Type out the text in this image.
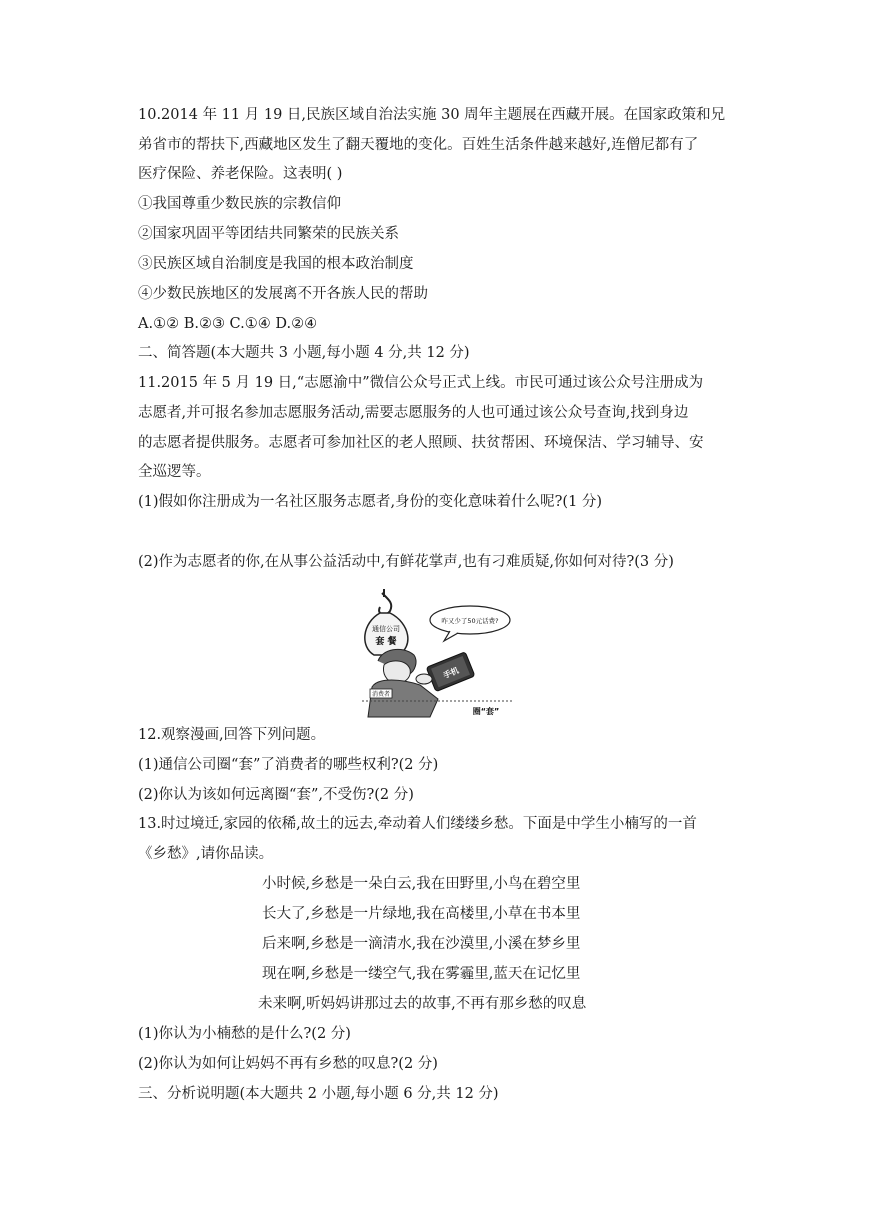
10.2014 年 11 月 19 日,民族区域自治法实施 30 周年主题展在西藏开展。在国家政策和兄
弟省市的帮扶下,西藏地区发生了翻天覆地的变化。百姓生活条件越来越好,连僧尼都有了
医疗保险、养老保险。这表明( )
①我国尊重少数民族的宗教信仰
②国家巩固平等团结共同繁荣的民族关系
③民族区域自治制度是我国的根本政治制度
④少数民族地区的发展离不开各族人民的帮助
A.①② B.②③ C.①④ D.②④
二、简答题(本大题共 3 小题,每小题 4 分,共 12 分)
11.2015 年 5 月 19 日,“志愿渝中”微信公众号正式上线。市民可通过该公众号注册成为
志愿者,并可报名参加志愿服务活动,需要志愿服务的人也可通过该公众号查询,找到身边
的志愿者提供服务。志愿者可参加社区的老人照顾、扶贫帮困、环境保洁、学习辅导、安
全巡逻等。
(1)假如你注册成为一名社区服务志愿者,身份的变化意味着什么呢?(1 分)
(2)作为志愿者的你,在从事公益活动中,有鲜花掌声,也有刁难质疑,你如何对待?(3 分)
通信公司
套 餐
咋又少了50元话费?
消费者
手机
圈“套”
12.观察漫画,回答下列问题。
(1)通信公司圈“套”了消费者的哪些权利?(2 分)
(2)你认为该如何远离圈“套”,不受伤?(2 分)
13.时过境迁,家园的依稀,故土的远去,牵动着人们缕缕乡愁。下面是中学生小楠写的一首
《乡愁》,请你品读。
小时候,乡愁是一朵白云,我在田野里,小鸟在碧空里
长大了,乡愁是一片绿地,我在高楼里,小草在书本里
后来啊,乡愁是一滴清水,我在沙漠里,小溪在梦乡里
现在啊,乡愁是一缕空气,我在雾霾里,蓝天在记忆里
未来啊,听妈妈讲那过去的故事,不再有那乡愁的叹息
(1)你认为小楠愁的是什么?(2 分)
(2)你认为如何让妈妈不再有乡愁的叹息?(2 分)
三、分析说明题(本大题共 2 小题,每小题 6 分,共 12 分)
